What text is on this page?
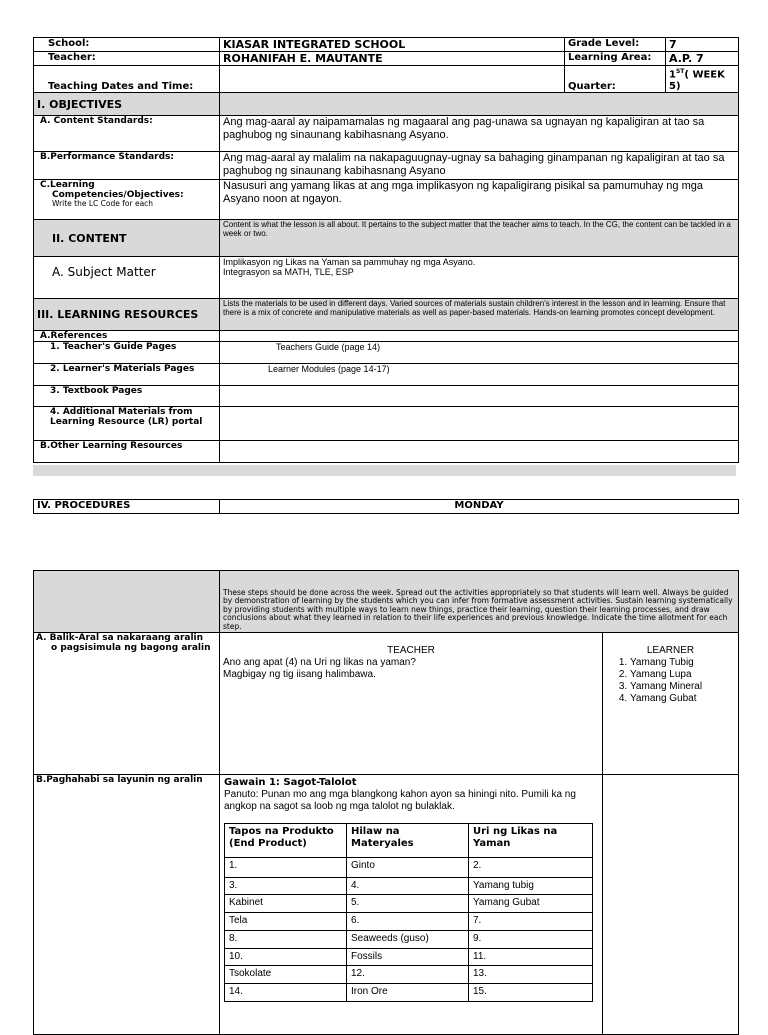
School:	KIASAR INTEGRATED SCHOOL	Grade Level:	7
Teacher:	ROHANIFAH E. MAUTANTE	Learning Area:	A.P. 7
Teaching Dates and Time:		Quarter:	1ST( WEEK 5)
I. OBJECTIVES	
A. Content Standards:	Ang mag-aaral ay naipamamalas ng magaaral ang pag-unawa sa ugnayan ng kapaligiran at tao sa paghubog ng sinaunang kabihasnang Asyano.
B.Performance Standards:	Ang mag-aaral ay malalim na nakapaguugnay-ugnay sa bahaging ginampanan ng kapaligiran at tao sa paghubog ng sinaunang kabihasnang Asyano

C.Learning
Competencies/Objectives:
Write the LC Code for each	Nasusuri ang yamang likas at ang mga implikasyon ng kapaligirang pisikal sa pamumuhay ng mga Asyano noon at ngayon.
II. CONTENT	Content is what the lesson is all about. It pertains to the subject matter that the teacher aims to teach. In the CG, the content can be tackled in a week or two.
A. Subject Matter	Implikasyon ng Likas na Yaman sa pammuhay ng mga Asyano.
Integrasyon sa MATH, TLE, ESP

III. LEARNING RESOURCES	Lists the materials to be used in different days. Varied sources of materials sustain children's interest in the lesson and in learning. Ensure that there is a mix of concrete and manipulative materials as well as paper-based materials. Hands-on learning promotes concept development.
A.References	
1. Teacher's Guide Pages	Teachers Guide (page 14)
2. Learner's Materials Pages	Learner Modules (page 14-17)
3. Textbook Pages	
4. Additional Materials from Learning Resource (LR) portal	
B.Other Learning Resources	
IV. PROCEDURES	MONDAY
	These steps should be done across the week. Spread out the activities appropriately so that students will learn well. Always be guided by demonstration of learning by the students which you can infer from formative assessment activities. Sustain learning systematically by providing students with multiple ways to learn new things, practice their learning, question their learning processes, and draw conclusions about what they learned in relation to their life experiences and previous knowledge. Indicate the time allotment for each step.

A. Balik-Aral sa nakaraang aralin
o pagsisimula ng bagong aralin	TEACHER
Ano ang apat (4) na Uri ng likas na yaman?
Magbigay ng tig iisang halimbawa.

LEARNER
1. Yamang Tubig
2. Yamang Lupa
3. Yamang Mineral
4. Yamang Gubat

B.Paghahabi sa layunin ng aralin	Gawain 1: Sagot-Talolot
Panuto: Punan mo ang mga blangkong kahon ayon sa hiningi nito. Pumili ka ng angkop na sagot sa loob ng mga talolot ng bulaklak.
Tapos na Produkto (End Product)	Hilaw na Materyales	Uri ng Likas na Yaman
1.	Ginto	2.
3.	4.	Yamang tubig
Kabinet	5.	Yamang Gubat
Tela	6.	7.
8.	Seaweeds (guso)	9.
10.	Fossils	11.
Tsokolate	12.	13.
14.	Iron Ore	15.
